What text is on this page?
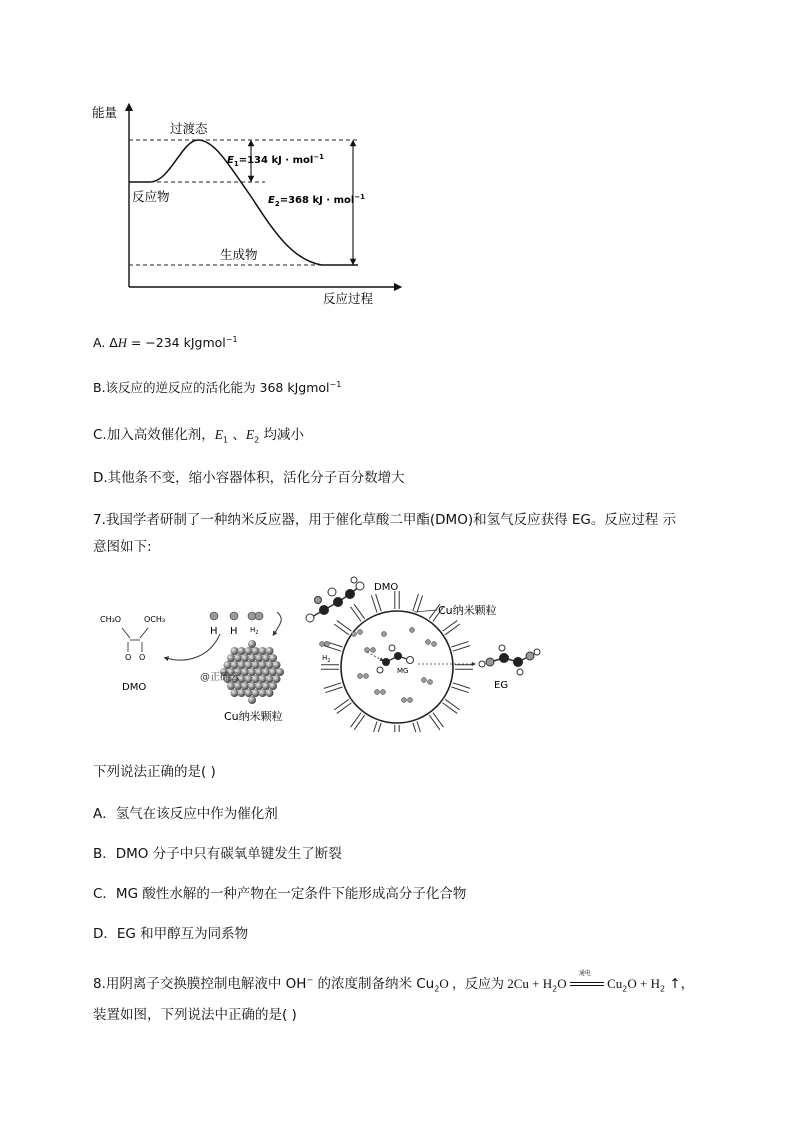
能量
过渡态
反应物
生成物
反应过程
$E_1=134$ kJ · mol$^{-1}$
$E_2=368$ kJ · mol$^{-1}$
A. ΔH = −234 kJgmol$^{-1}$
B.该反应的逆反应的活化能为 368 kJgmol$^{-1}$
C.加入高效催化剂，$E_1$ 、$E_2$ 均减小
D.其他条不变，缩小容器体积，活化分子百分数增大
7.我国学者研制了一种纳米反应器，用于催化草酸二甲酯(DMO)和氢气反应获得 EG。反应过程 示
意图如下:
CH₃O	OCH₃
O O
DMO
H H $H_2$
@正确云
Cu纳米颗粒
DMO
Cu纳米颗粒
$H_2$
MG
EG
下列说法正确的是( )
A．氢气在该反应中作为催化剂
B．DMO 分子中只有碳氧单键发生了断裂
C．MG 酸性水解的一种产物在一定条件下能形成高分子化合物
D．EG 和甲醇互为同系物
8.用阴离子交换膜控制电解液中 OH− 的浓度制备纳米 $Cu_2O$ ，反应为 $2Cu + H_2O$
通电
$Cu_2O + H_2$ ↑，
装置如图，下列说法中正确的是( )
